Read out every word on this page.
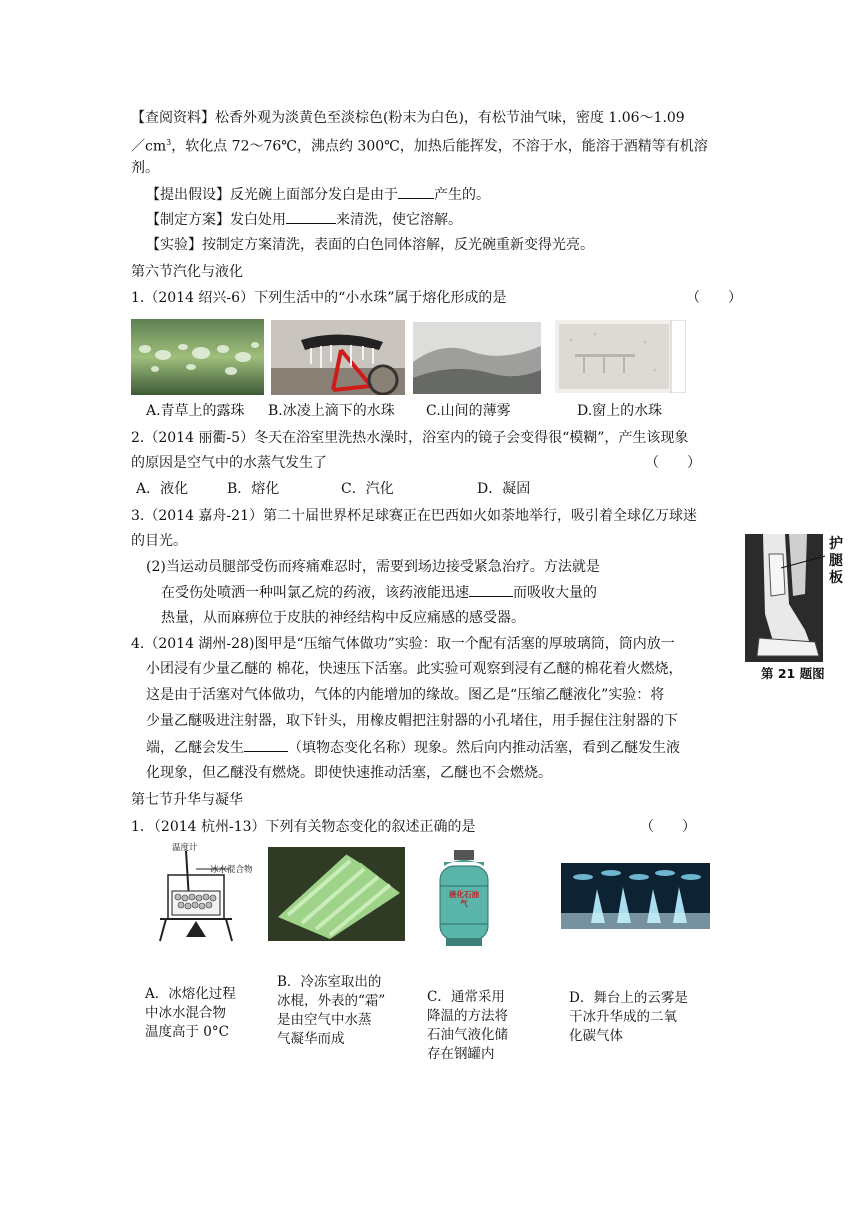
【查阅资料】松香外观为淡黄色至淡棕色(粉末为白色)，有松节油气味，密度 1.06～1.09
$/cm^3$，软化点 72～76℃，沸点约 300℃，加热后能挥发，不溶于水，能溶于酒精等有机溶
剂。
【提出假设】反光碗上面部分发白是由于	产生的。
【制定方案】发白处用	来清洗，使它溶解。
【实验】按制定方案清洗，表面的白色同体溶解，反光碗重新变得光亮。
第六节汽化与液化
1.（2014 绍兴-6）下列生活中的“小水珠”属于熔化形成的是	（　　）
A.青草上的露珠 B.冰凌上滴下的水珠 C.山间的薄雾	D.窗上的水珠
2.（2014 丽衢-5）冬天在浴室里洗热水澡时，浴室内的镜子会变得很“模糊”，产生该现象
的原因是空气中的水蒸气发生了	（　　）
A．液化	B．熔化	C．汽化	D．凝固
3.（2014 嘉舟-21）第二十届世界杯足球赛正在巴西如火如荼地举行，吸引着全球亿万球迷
的目光。
(2)当运动员腿部受伤而疼痛难忍时，需要到场边接受紧急治疗。方法就是
在受伤处喷洒一种叫氯乙烷的药液，该药液能迅速	而吸收大量的
热量，从而麻痹位于皮肤的神经结构中反应痛感的感受器。
护腿板
第 21 题图
4.（2014 湖州-28)图甲是“压缩气体做功”实验：取一个配有活塞的厚玻璃筒，筒内放一
小团浸有少量乙醚的 棉花，快速压下活塞。此实验可观察到浸有乙醚的棉花着火燃烧，
这是由于活塞对气体做功，气体的内能增加的缘故。图乙是“压缩乙醚液化”实验：将
少量乙醚吸进注射器，取下针头，用橡皮帽把注射器的小孔堵住，用手握住注射器的下
端，乙醚会发生	（填物态变化名称）现象。然后向内推动活塞，看到乙醚发生液
化现象，但乙醚没有燃烧。即使快速推动活塞，乙醚也不会燃烧。
第七节升华与凝华
1．（2014 杭州-13）下列有关物态变化的叙述正确的是	（　　）
温度计
冰水混合物
液化石油气
A．冰熔化过程
中冰水混合物
温度高于 0°C
B．冷冻室取出的
冰棍，外表的“霜”
是由空气中水蒸
气凝华而成
C．通常采用
降温的方法将
石油气液化储
存在钢罐内
D．舞台上的云雾是
干冰升华成的二氧
化碳气体
